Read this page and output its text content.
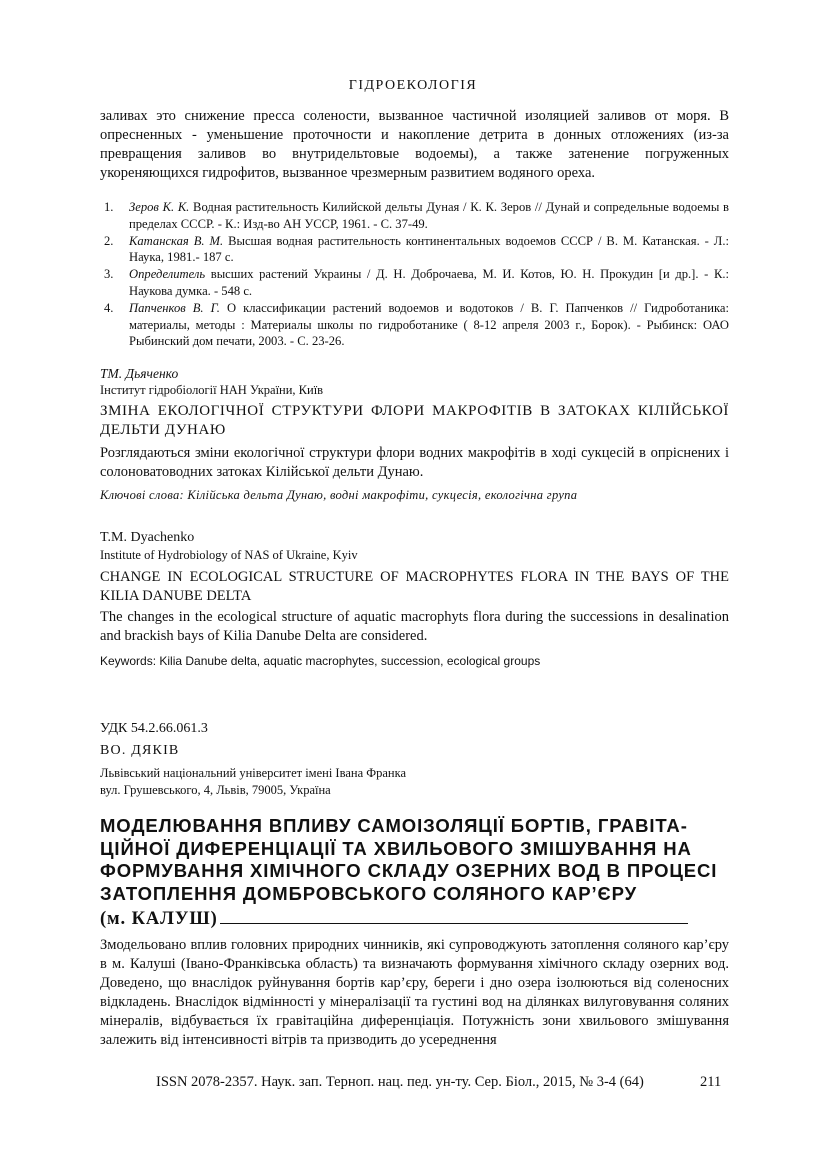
ГІДРОЕКОЛОГІЯ
заливах это снижение пресса солености, вызванное частичной изоляцией заливов от моря. В опресненных - уменьшение проточности и накопление детрита в донных отложениях (из-за превращения заливов во внутридельтовые водоемы), а также затенение погруженных укореняющихся гидрофитов, вызванное чрезмерным развитием водяного ореха.
1. Зеров К. К. Водная растительность Килийской дельты Дуная / К. К. Зеров // Дунай и сопредельные водоемы в пределах СССР. - К.: Изд-во АН УССР, 1961. - С. 37-49.
2. Катанская В. М. Высшая водная растительность континентальных водоемов СССР / В. М. Катанская. - Л.: Наука, 1981.- 187 с.
3. Определитель высших растений Украины / Д. Н. Доброчаева, М. И. Котов, Ю. Н. Прокудин [и др.]. - К.: Наукова думка. - 548 с.
4. Папченков В. Г. О классификации растений водоемов и водотоков / В. Г. Папченков // Гидроботаника: материалы, методы : Материалы школы по гидроботанике ( 8-12 апреля 2003 г., Борок). - Рыбинск: ОАО Рыбинский дом печати, 2003. - С. 23-26.
ТМ. Дьяченко
Інститут гідробіології НАН України, Київ
ЗМІНА ЕКОЛОГІЧНОЇ СТРУКТУРИ ФЛОРИ МАКРОФІТІВ В ЗАТОКАХ КІЛІЙСЬКОЇ ДЕЛЬТИ ДУНАЮ
Розглядаються зміни екологічної структури флори водних макрофітів в ході сукцесій в опріснених і солоноватоводних затоках Кілійської дельти Дунаю.
Ключові слова: Кілійська дельта Дунаю, водні макрофіти, сукцесія, екологічна група
T.M. Dyachenko
Institute of Hydrobiology of NAS of Ukraine, Kyiv
CHANGE IN ECOLOGICAL STRUCTURE OF MACROPHYTES FLORA IN THE BAYS OF THE KILIA DANUBE DELTA
The changes in the ecological structure of aquatic macrophyts flora during the successions in desalination and brackish bays of Kilia Danube Delta are considered.
Keywords: Kilia Danube delta, aquatic macrophytes, succession, ecological groups
УДК 54.2.66.061.3
ВО. ДЯКІВ
Львівський національний університет імені Івана Франка
вул. Грушевського, 4, Львів, 79005, Україна
МОДЕЛЮВАННЯ ВПЛИВУ САМОІЗОЛЯЦІЇ БОРТІВ, ГРАВІТА-
ЦІЙНОЇ ДИФЕРЕНЦІАЦІЇ ТА ХВИЛЬОВОГО ЗМІШУВАННЯ НА
ФОРМУВАННЯ ХІМІЧНОГО СКЛАДУ ОЗЕРНИХ ВОД В ПРОЦЕСІ
ЗАТОПЛЕННЯ ДОМБРОВСЬКОГО СОЛЯНОГО КАР’ЄРУ
(м. КАЛУШ)
Змодельовано вплив головних природних чинників, які супроводжують затоплення соляного кар’єру в м. Калуші (Івано-Франківська область) та визначають формування хімічного складу озерних вод. Доведено, що внаслідок руйнування бортів кар’єру, береги і дно озера ізолюються від соленосних відкладень. Внаслідок відмінності у мінералізації та густині вод на ділянках вилуговування соляних мінералів, відбувається їх гравітаційна диференціація. Потужність зони хвильового змішування залежить від інтенсивності вітрів та призводить до усереднення
ISSN 2078-2357. Наук. зап. Терноп. нац. пед. ун-ту. Сер. Біол., 2015, № 3-4 (64)	211
